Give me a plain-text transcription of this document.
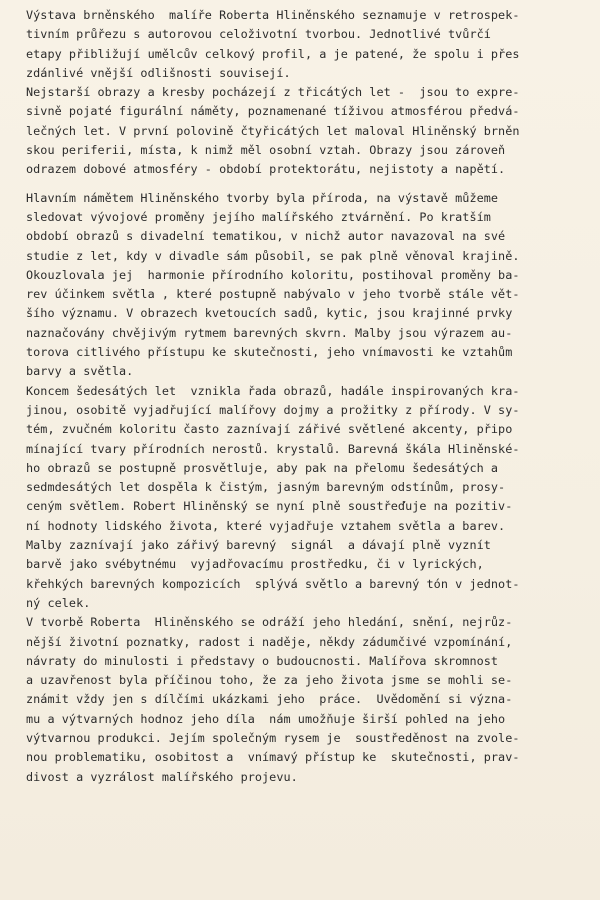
Výstava brněnského  malíře Roberta Hliněnského seznamuje v retrospek-
tivním průřezu s autorovou celoživotní tvorbou. Jednotlivé tvůrčí
etapy přibližují umělcův celkový profil, a je patené, že spolu i přes
zdánlivé vnější odlišnosti souvisejí.
Nejstarší obrazy a kresby pocházejí z třicátých let -  jsou to expre-
sivně pojaté figurální náměty, poznamenané tíživou atmosférou předvá-
lečných let. V první polovině čtyřicátých let maloval Hliněnský brněn
skou periferii, místa, k nimž měl osobní vztah. Obrazy jsou zároveň
odrazem dobové atmosféry - období protektorátu, nejistoty a napětí.
Hlavním námětem Hliněnského tvorby byla příroda, na výstavě můžeme
sledovat vývojové proměny jejího malířského ztvárnění. Po kratším
období obrazů s divadelní tematikou, v nichž autor navazoval na své
studie z let, kdy v divadle sám působil, se pak plně věnoval krajině.
Okouzlovala jej  harmonie přírodního koloritu, postihoval proměny ba-
rev účinkem světla , které postupně nabývalo v jeho tvorbě stále vět-
šího významu. V obrazech kvetoucích sadů, kytic, jsou krajinné prvky
naznačovány chvějivým rytmem barevných skvrn. Malby jsou výrazem au-
torova citlivého přístupu ke skutečnosti, jeho vnímavosti ke vztahům
barvy a světla.
Koncem šedesátých let  vznikla řada obrazů, hadále inspirovaných kra-
jinou, osobitě vyjadřující malířovy dojmy a prožitky z přírody. V sy-
tém, zvučném koloritu často zaznívají zářivé světlené akcenty, připo
mínající tvary přírodních nerostů. krystalů. Barevná škála Hliněnské-
ho obrazů se postupně prosvětluje, aby pak na přelomu šedesátých a
sedmdesátých let dospěla k čistým, jasným barevným odstínům, prosy-
ceným světlem. Robert Hliněnský se nyní plně soustřeďuje na pozitiv-
ní hodnoty lidského života, které vyjadřuje vztahem světla a barev.
Malby zaznívají jako zářivý barevný  signál  a dávají plně vyznít
barvě jako svébytnému  vyjadřovacímu prostředku, či v lyrických,
křehkých barevných kompozicích  splývá světlo a barevný tón v jednot-
ný celek.
V tvorbě Roberta  Hliněnského se odráží jeho hledání, snění, nejrůz-
nější životní poznatky, radost i naděje, někdy zádumčivé vzpomínání,
návraty do minulosti i představy o budoucnosti. Malířova skromnost
a uzavřenost byla příčinou toho, že za jeho života jsme se mohli se-
známit vždy jen s dílčími ukázkami jeho  práce.  Uvědomění si význa-
mu a výtvarných hodnoz jeho díla  nám umožňuje širší pohled na jeho
výtvarnou produkci. Jejím společným rysem je  soustředěnost na zvole-
nou problematiku, osobitost a  vnímavý přístup ke  skutečnosti, prav-
divost a vyzrálost malířského projevu.
